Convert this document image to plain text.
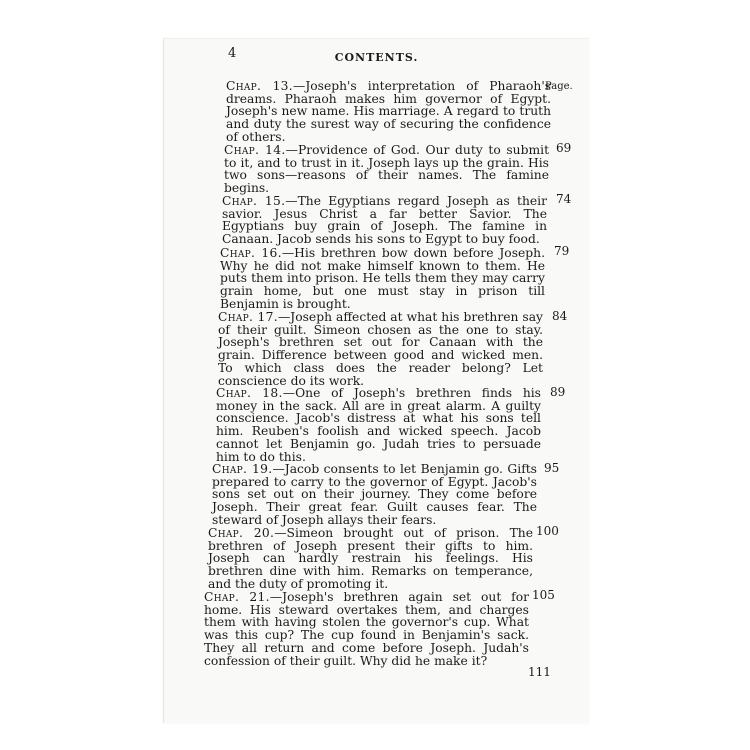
4	CONTENTS.
Page.
Chap. 13.—Joseph's interpretation of Pharaoh's dreams. Pharaoh makes him governor of Egypt. Joseph's new name. His marriage. A regard to truth and duty the surest way of securing the confidence of others.
69
Chap. 14.—Providence of God. Our duty to submit to it, and to trust in it. Joseph lays up the grain. His two sons—reasons of their names. The famine begins.
74
Chap. 15.—The Egyptians regard Joseph as their savior. Jesus Christ a far better Savior. The Egyptians buy grain of Joseph. The famine in Canaan. Jacob sends his sons to Egypt to buy food.
79
Chap. 16.—His brethren bow down before Joseph. Why he did not make himself known to them. He puts them into prison. He tells them they may carry grain home, but one must stay in prison till Benjamin is brought.
84
Chap. 17.—Joseph affected at what his brethren say of their guilt. Simeon chosen as the one to stay. Joseph's brethren set out for Canaan with the grain. Difference between good and wicked men. To which class does the reader belong? Let conscience do its work.
89
Chap. 18.—One of Joseph's brethren finds his money in the sack. All are in great alarm. A guilty conscience. Jacob's distress at what his sons tell him. Reuben's foolish and wicked speech. Jacob cannot let Benjamin go. Judah tries to persuade him to do this.
95
Chap. 19.—Jacob consents to let Benjamin go. Gifts prepared to carry to the governor of Egypt. Jacob's sons set out on their journey. They come before Joseph. Their great fear. Guilt causes fear. The steward of Joseph allays their fears.
100
Chap. 20.—Simeon brought out of prison. The brethren of Joseph present their gifts to him. Joseph can hardly restrain his feelings. His brethren dine with him. Remarks on temperance, and the duty of promoting it.
105
Chap. 21.—Joseph's brethren again set out for home. His steward overtakes them, and charges them with having stolen the governor's cup. What was this cup? The cup found in Benjamin's sack. They all return and come before Joseph. Judah's confession of their guilt. Why did he make it?
111
